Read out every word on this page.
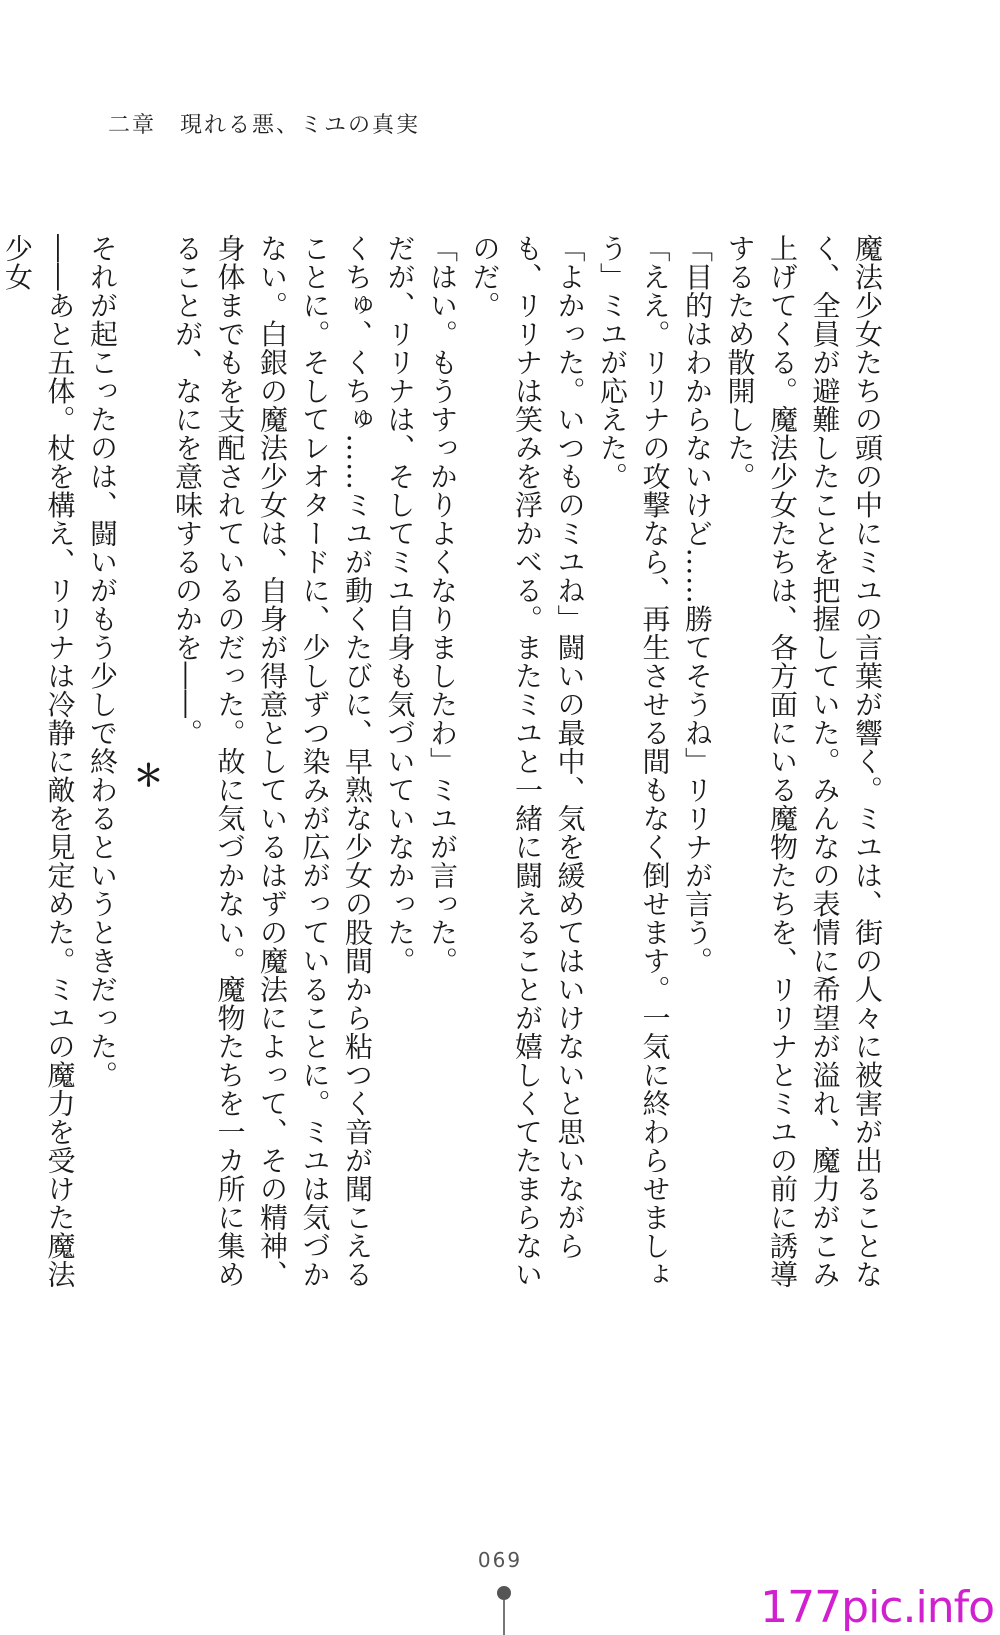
二章　現れる悪、ミユの真実

魔法少女たちの頭の中にミユの言葉が響く。ミユは、街の人々に被害が出ることなく、全員が避難したことを把握していた。みんなの表情に希望が溢れ、魔力がこみ上げてくる。魔法少女たちは、各方面にいる魔物たちを、リリナとミユの前に誘導するため散開した。

「目的はわからないけど……勝てそうね」リリナが言う。

「ええ。リリナの攻撃なら、再生させる間もなく倒せます。一気に終わらせましょう」ミユが応えた。

「よかった。いつものミユね」闘いの最中、気を緩めてはいけないと思いながらも、リリナは笑みを浮かべる。またミユと一緒に闘えることが嬉しくてたまらないのだ。

「はい。もうすっかりよくなりましたわ」ミユが言った。

だが、リリナは、そしてミユ自身も気づいていなかった。

くちゅ、くちゅ……ミユが動くたびに、早熟な少女の股間から粘つく音が聞こえることに。そしてレオタードに、少しずつ染みが広がっていることに。ミユは気づかない。白銀の魔法少女は、自身が得意としているはずの魔法によって、その精神、身体までもを支配されているのだった。故に気づかない。魔物たちを一カ所に集めることが、なにを意味するのかを――。

＊

それが起こったのは、闘いがもう少しで終わるというときだった。

――あと五体。杖を構え、リリナは冷静に敵を見定めた。ミユの魔力を受けた魔法少女

069
177pic.info
